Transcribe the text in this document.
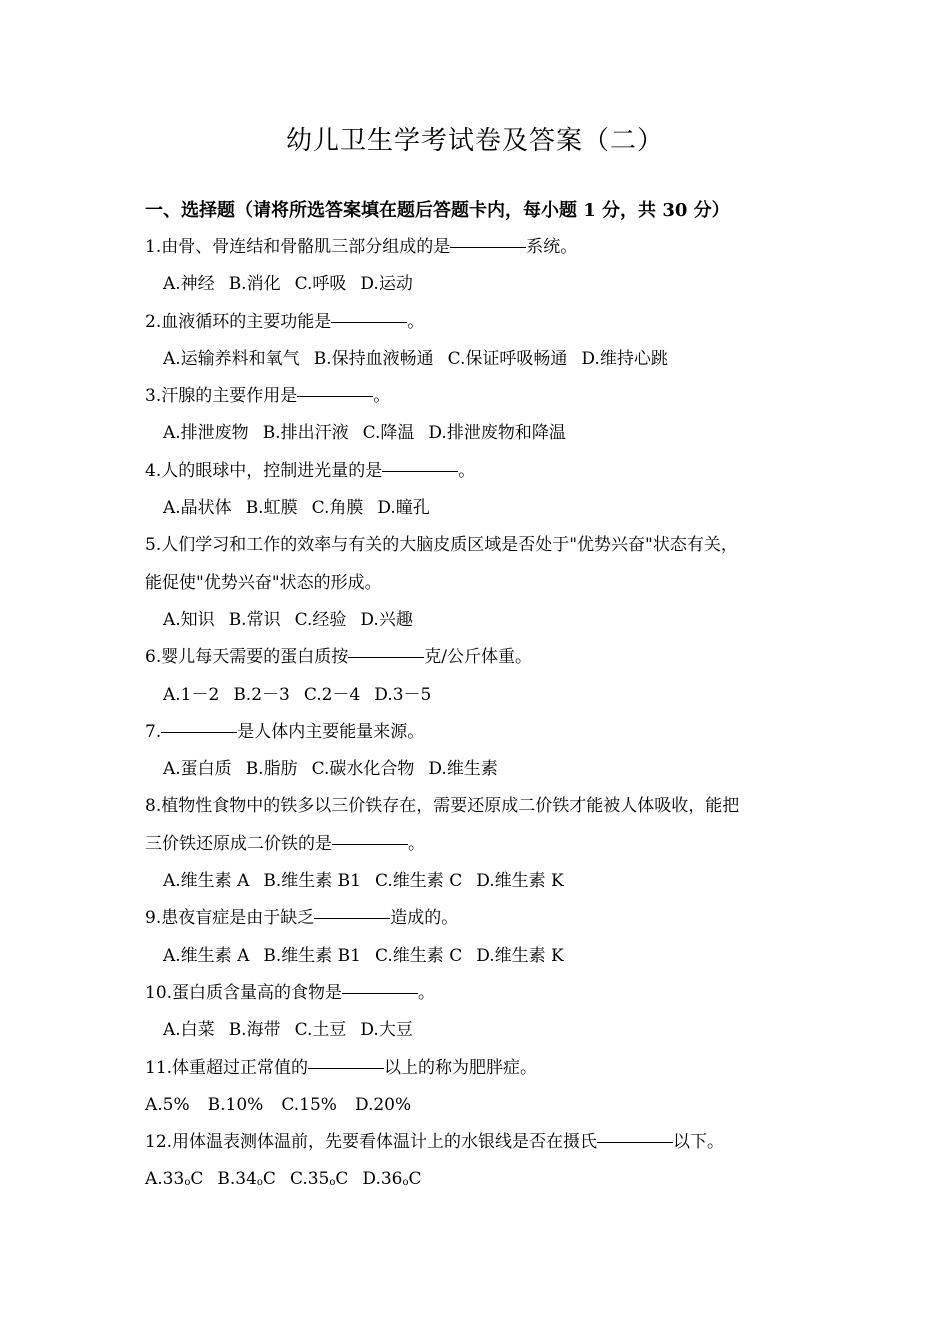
幼儿卫生学考试卷及答案（二）
一、选择题（请将所选答案填在题后答题卡内，每小题 1 分，共 30 分）
1.由骨、骨连结和骨骼肌三部分组成的是	系统。
A.神经 B.消化 C.呼吸 D.运动
2.血液循环的主要功能是	。
A.运输养料和氧气 B.保持血液畅通 C.保证呼吸畅通 D.维持心跳
3.汗腺的主要作用是	。
A.排泄废物 B.排出汗液 C.降温 D.排泄废物和降温
4.人的眼球中，控制进光量的是	。
A.晶状体 B.虹膜 C.角膜 D.瞳孔
5.人们学习和工作的效率与有关的大脑皮质区域是否处于"优势兴奋"状态有关，
能促使"优势兴奋"状态的形成。
A.知识 B.常识 C.经验 D.兴趣
6.婴儿每天需要的蛋白质按	克/公斤体重。
A.1－2 B.2－3 C.2－4 D.3－5
7.	是人体内主要能量来源。
A.蛋白质 B.脂肪 C.碳水化合物 D.维生素
8.植物性食物中的铁多以三价铁存在，需要还原成二价铁才能被人体吸收，能把
三价铁还原成二价铁的是	。
A.维生素 A B.维生素 B1 C.维生素 C D.维生素 K
9.患夜盲症是由于缺乏	造成的。
A.维生素 A B.维生素 B1 C.维生素 C D.维生素 K
10.蛋白质含量高的食物是	。
A.白菜 B.海带 C.土豆 D.大豆
11.体重超过正常值的	以上的称为肥胖症。
A.5% B.10% C.15% D.20%
12.用体温表测体温前，先要看体温计上的水银线是否在摄氏	以下。
A.33oC B.34oC C.35oC D.36oC
